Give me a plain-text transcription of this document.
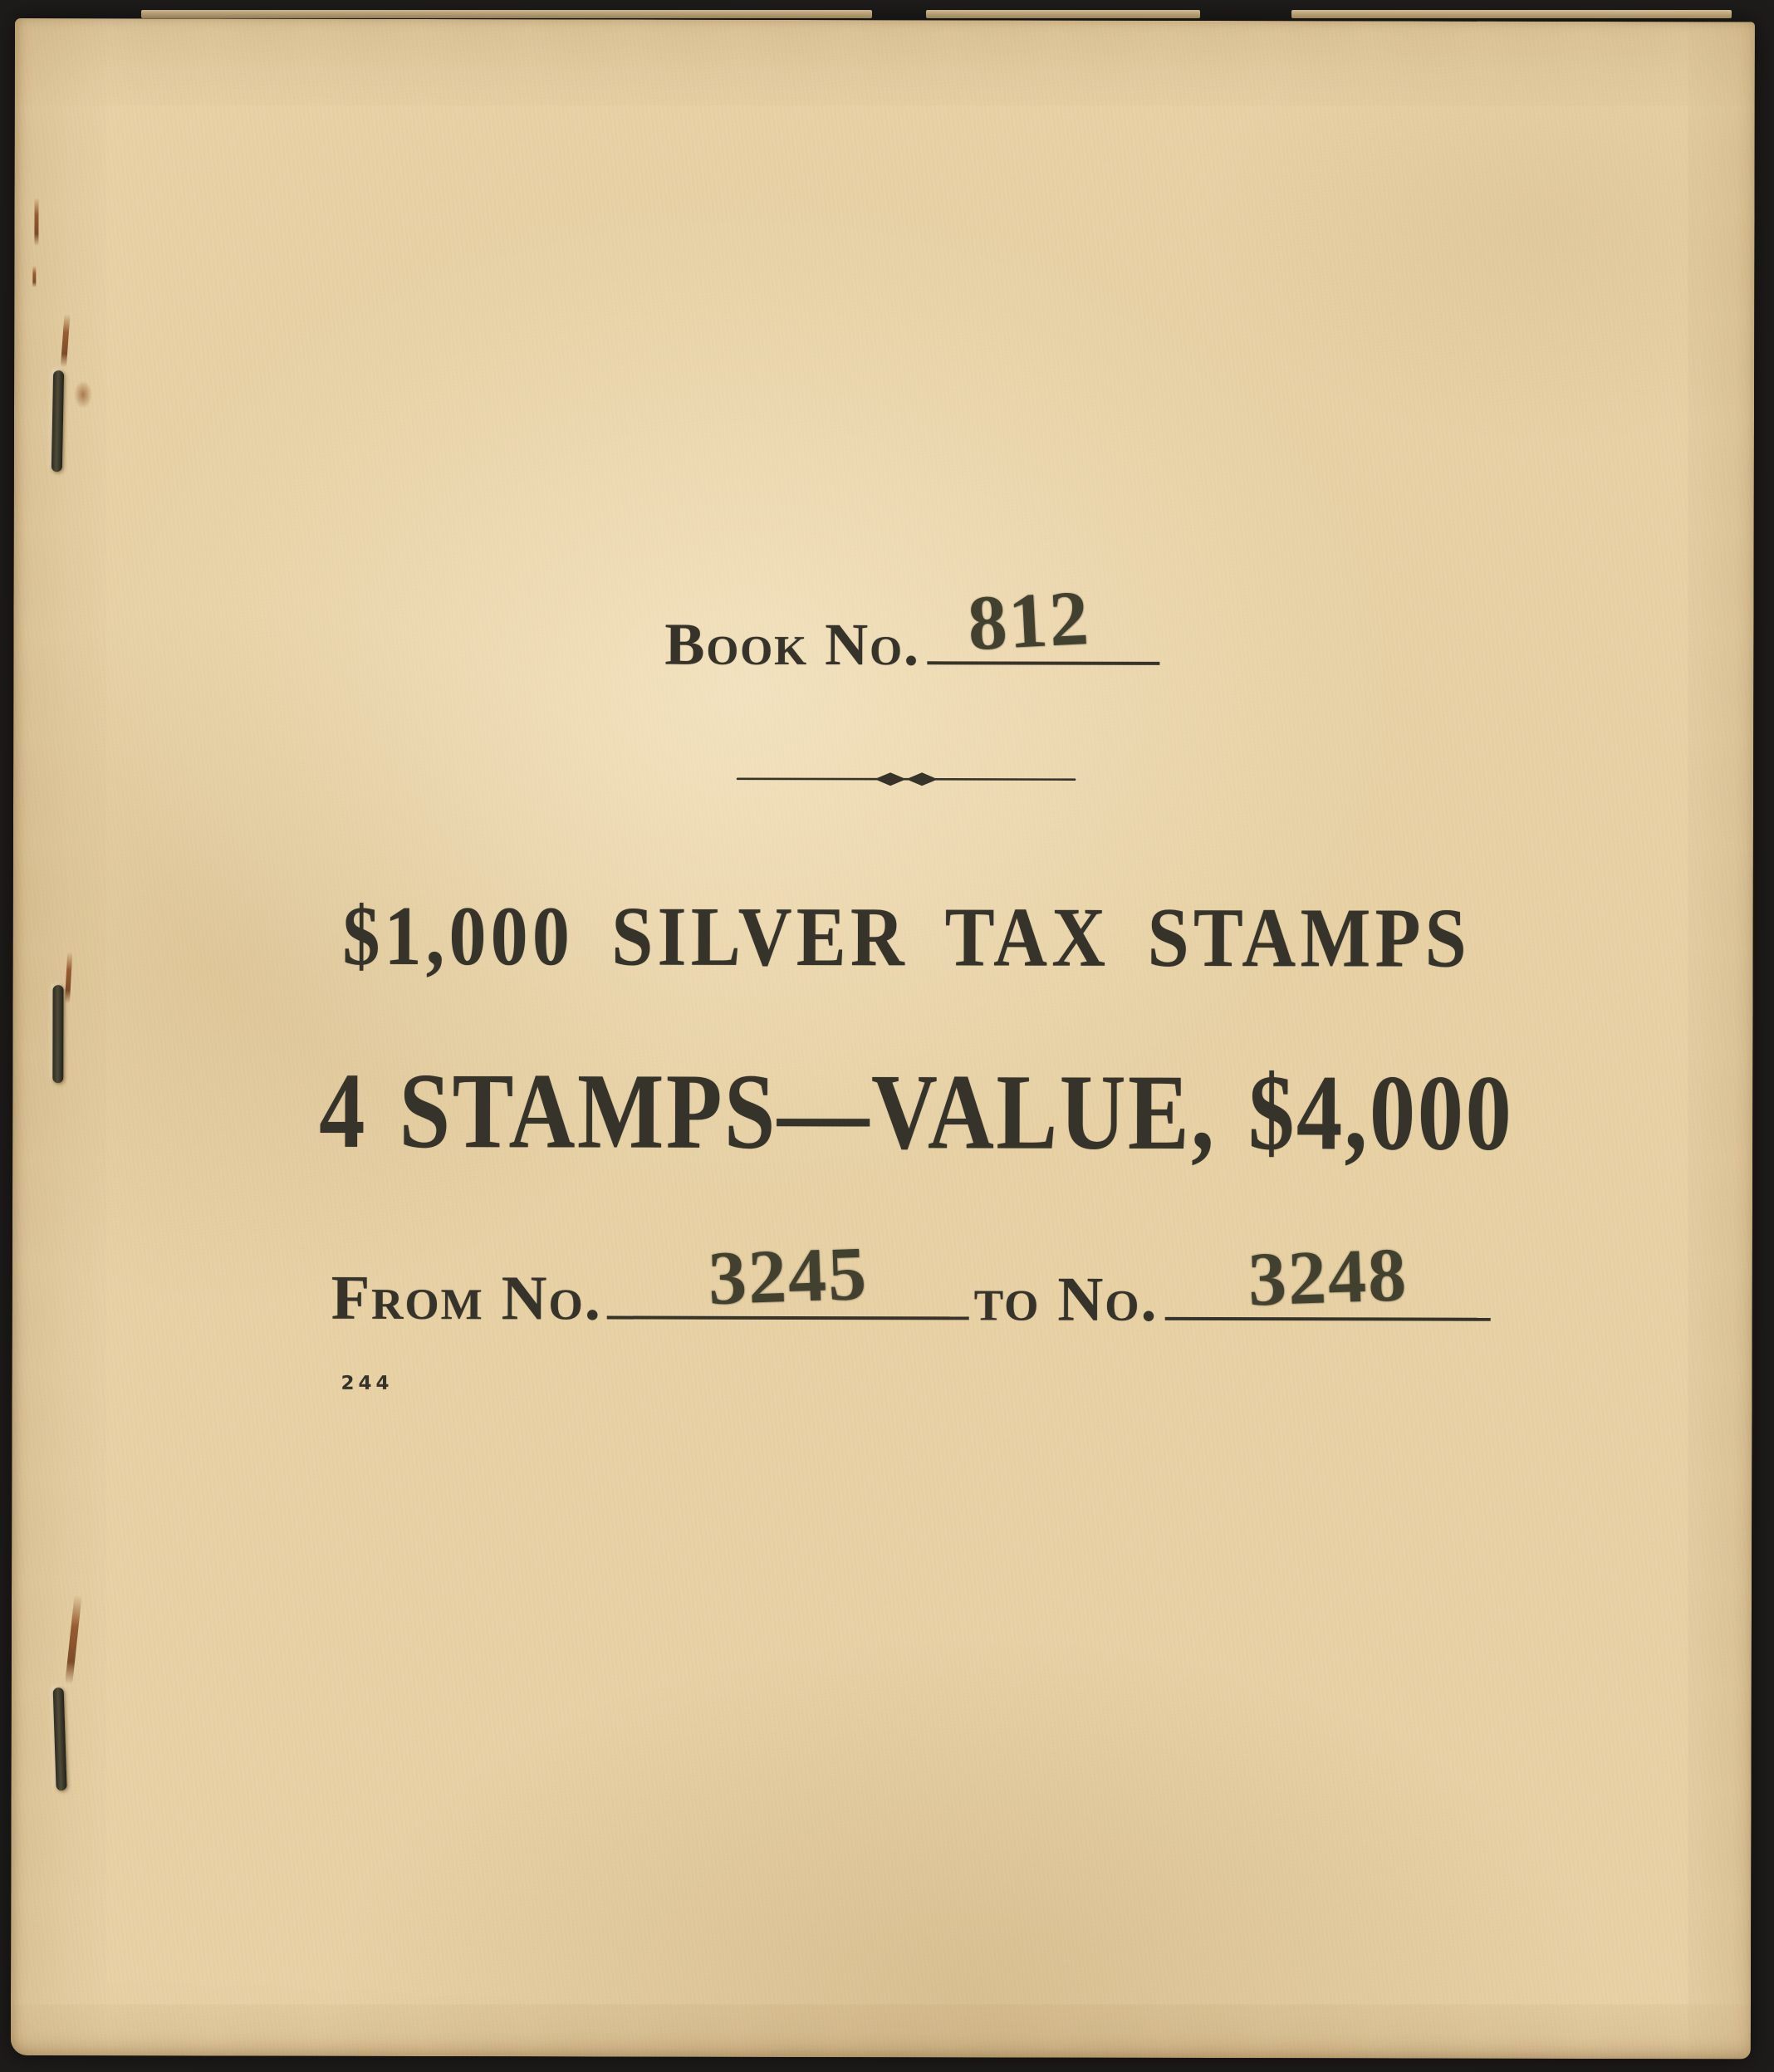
Book No. 812
$1,000 SILVER TAX STAMPS
4 STAMPS—VALUE, $4,000
From No. 3245 to No. 3248
244
